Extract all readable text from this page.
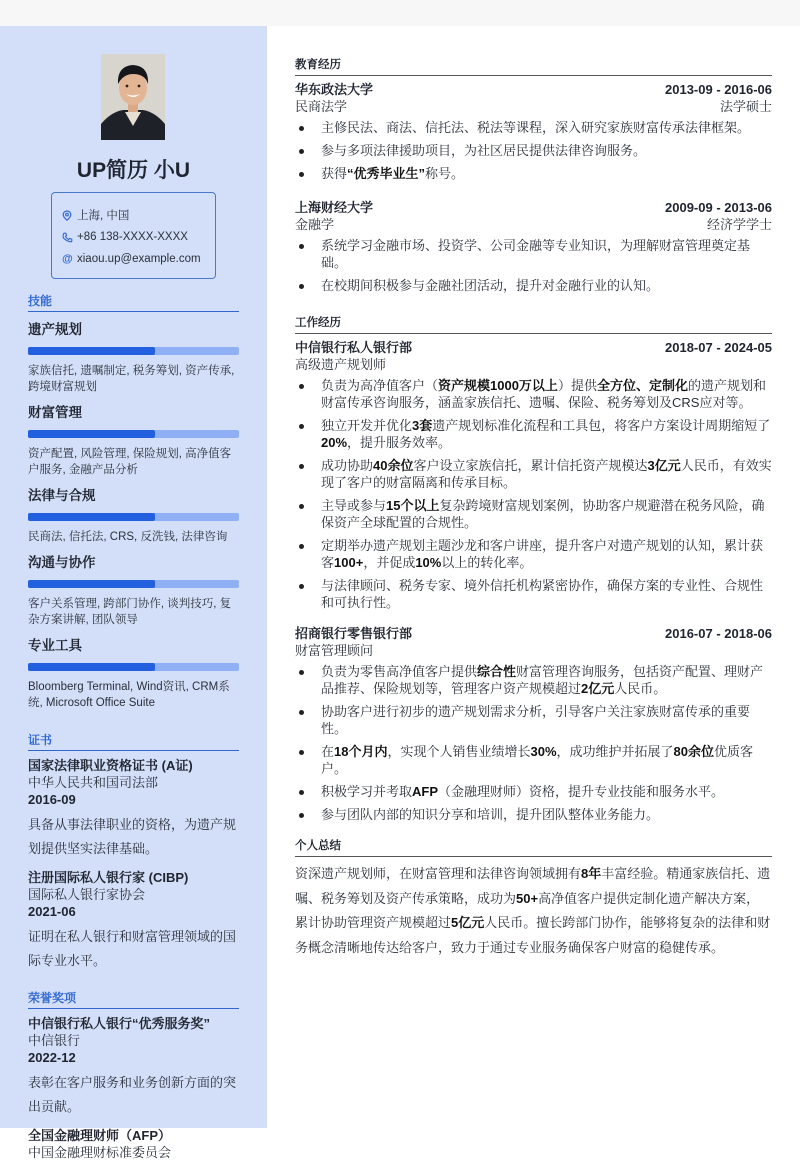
UP简历 小U
上海, 中国
+86 138-XXXX-XXXX
@ xiaou.up@example.com
技能
遗产规划
家族信托, 遗嘱制定, 税务筹划, 资产传承, 跨境财富规划
财富管理
资产配置, 风险管理, 保险规划, 高净值客户服务, 金融产品分析
法律与合规
民商法, 信托法, CRS, 反洗钱, 法律咨询
沟通与协作
客户关系管理, 跨部门协作, 谈判技巧, 复杂方案讲解, 团队领导
专业工具
Bloomberg Terminal, Wind资讯, CRM系统, Microsoft Office Suite
证书
国家法律职业资格证书 (A证)
中华人民共和国司法部
2016-09
具备从事法律职业的资格，为遗产规划提供坚实法律基础。
注册国际私人银行家 (CIBP)
国际私人银行家协会
2021-06
证明在私人银行和财富管理领域的国际专业水平。
荣誉奖项
中信银行私人银行“优秀服务奖”
中信银行
2022-12
表彰在客户服务和业务创新方面的突出贡献。
全国金融理财师（AFP）
中国金融理财标准委员会
教育经历
华东政法大学	2013-09 - 2016-06
民商法学	法学硕士
主修民法、商法、信托法、税法等课程，深入研究家族财富传承法律框架。
参与多项法律援助项目，为社区居民提供法律咨询服务。
获得“优秀毕业生”称号。
上海财经大学	2009-09 - 2013-06
金融学	经济学学士
系统学习金融市场、投资学、公司金融等专业知识，为理解财富管理奠定基础。
在校期间积极参与金融社团活动，提升对金融行业的认知。
工作经历
中信银行私人银行部	2018-07 - 2024-05
高级遗产规划师
负责为高净值客户（资产规模1000万以上）提供全方位、定制化的遗产规划和财富传承咨询服务，涵盖家族信托、遗嘱、保险、税务筹划及CRS应对等。
独立开发并优化3套遗产规划标准化流程和工具包，将客户方案设计周期缩短了20%，提升服务效率。
成功协助40余位客户设立家族信托，累计信托资产规模达3亿元人民币，有效实现了客户的财富隔离和传承目标。
主导或参与15个以上复杂跨境财富规划案例，协助客户规避潜在税务风险，确保资产全球配置的合规性。
定期举办遗产规划主题沙龙和客户讲座，提升客户对遗产规划的认知，累计获客100+，并促成10%以上的转化率。
与法律顾问、税务专家、境外信托机构紧密协作，确保方案的专业性、合规性和可执行性。
招商银行零售银行部	2016-07 - 2018-06
财富管理顾问
负责为零售高净值客户提供综合性财富管理咨询服务，包括资产配置、理财产品推荐、保险规划等，管理客户资产规模超过2亿元人民币。
协助客户进行初步的遗产规划需求分析，引导客户关注家族财富传承的重要性。
在18个月内，实现个人销售业绩增长30%，成功维护并拓展了80余位优质客户。
积极学习并考取AFP（金融理财师）资格，提升专业技能和服务水平。
参与团队内部的知识分享和培训，提升团队整体业务能力。
个人总结

资深遗产规划师，在财富管理和法律咨询领域拥有8年丰富经验。精通家族信托、遗嘱、税务筹划及资产传承策略，成功为50+高净值客户提供定制化遗产解决方案，累计协助管理资产规模超过5亿元人民币。擅长跨部门协作，能够将复杂的法律和财务概念清晰地传达给客户，致力于通过专业服务确保客户财富的稳健传承。
